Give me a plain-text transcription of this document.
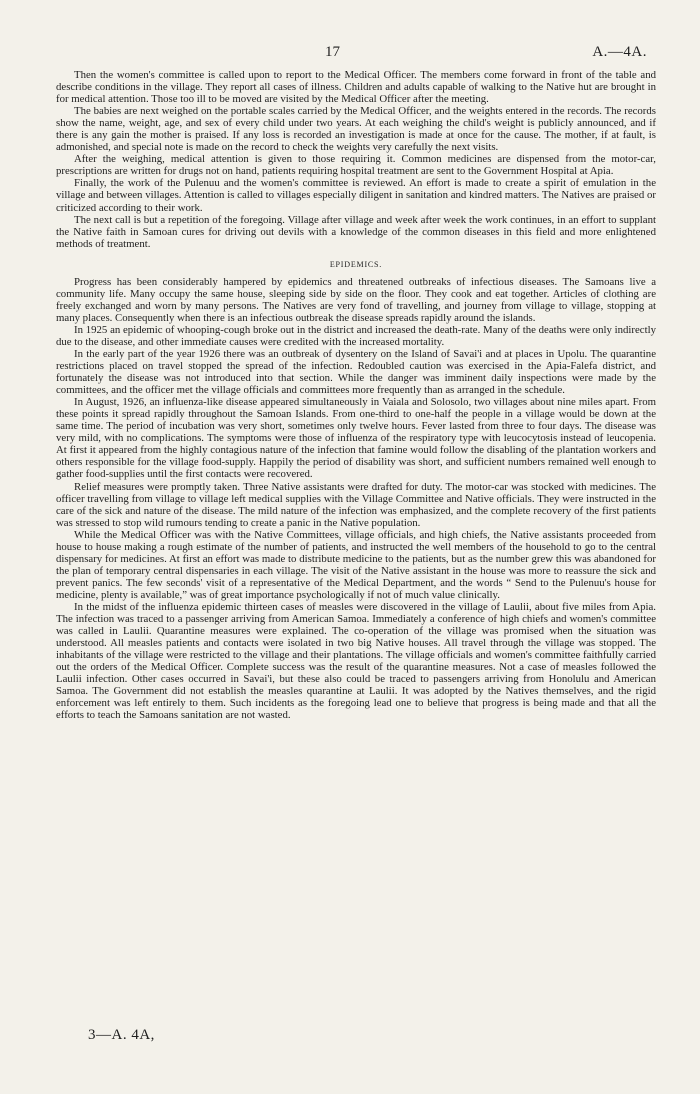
17	A.—4A.

Then the women's committee is called upon to report to the Medical Officer. The members come forward in front of the table and describe conditions in the village. They report all cases of illness. Children and adults capable of walking to the Native hut are brought in for medical attention. Those too ill to be moved are visited by the Medical Officer after the meeting.

The babies are next weighed on the portable scales carried by the Medical Officer, and the weights entered in the records. The records show the name, weight, age, and sex of every child under two years. At each weighing the child's weight is publicly announced, and if there is any gain the mother is praised. If any loss is recorded an investigation is made at once for the cause. The mother, if at fault, is admonished, and special note is made on the record to check the weights very carefully the next visits.

After the weighing, medical attention is given to those requiring it. Common medicines are dispensed from the motor-car, prescriptions are written for drugs not on hand, patients requiring hospital treatment are sent to the Government Hospital at Apia.

Finally, the work of the Pulenuu and the women's committee is reviewed. An effort is made to create a spirit of emulation in the village and between villages. Attention is called to villages especially diligent in sanitation and kindred matters. The Natives are praised or criticized according to their work.

The next call is but a repetition of the foregoing. Village after village and week after week the work continues, in an effort to supplant the Native faith in Samoan cures for driving out devils with a knowledge of the common diseases in this field and more enlightened methods of treatment.

EPIDEMICS.

Progress has been considerably hampered by epidemics and threatened outbreaks of infectious diseases. The Samoans live a community life. Many occupy the same house, sleeping side by side on the floor. They cook and eat together. Articles of clothing are freely exchanged and worn by many persons. The Natives are very fond of travelling, and journey from village to village, stopping at many places. Consequently when there is an infectious outbreak the disease spreads rapidly around the islands.

In 1925 an epidemic of whooping-cough broke out in the district and increased the death-rate. Many of the deaths were only indirectly due to the disease, and other immediate causes were credited with the increased mortality.

In the early part of the year 1926 there was an outbreak of dysentery on the Island of Savai'i and at places in Upolu. The quarantine restrictions placed on travel stopped the spread of the infection. Redoubled caution was exercised in the Apia-Falefa district, and fortunately the disease was not introduced into that section. While the danger was imminent daily inspections were made by the committees, and the officer met the village officials and committees more frequently than as arranged in the schedule.

In August, 1926, an influenza-like disease appeared simultaneously in Vaiala and Solosolo, two villages about nine miles apart. From these points it spread rapidly throughout the Samoan Islands. From one-third to one-half the people in a village would be down at the same time. The period of incubation was very short, sometimes only twelve hours. Fever lasted from three to four days. The disease was very mild, with no complications. The symptoms were those of influenza of the respiratory type with leucocytosis instead of leucopenia. At first it appeared from the highly contagious nature of the infection that famine would follow the disabling of the plantation workers and others responsible for the village food-supply. Happily the period of disability was short, and sufficient numbers remained well enough to gather food-supplies until the first contacts were recovered.

Relief measures were promptly taken. Three Native assistants were drafted for duty. The motor-car was stocked with medicines. The officer travelling from village to village left medical supplies with the Village Committee and Native officials. They were instructed in the care of the sick and nature of the disease. The mild nature of the infection was emphasized, and the complete recovery of the first patients was stressed to stop wild rumours tending to create a panic in the Native population.

While the Medical Officer was with the Native Committees, village officials, and high chiefs, the Native assistants proceeded from house to house making a rough estimate of the number of patients, and instructed the well members of the household to go to the central dispensary for medicines. At first an effort was made to distribute medicine to the patients, but as the number grew this was abandoned for the plan of temporary central dispensaries in each village. The visit of the Native assistant in the house was more to reassure the sick and prevent panics. The few seconds' visit of a representative of the Medical Department, and the words “ Send to the Pulenuu's house for medicine, plenty is available,” was of great importance psychologically if not of much value clinically.

In the midst of the influenza epidemic thirteen cases of measles were discovered in the village of Laulii, about five miles from Apia. The infection was traced to a passenger arriving from American Samoa. Immediately a conference of high chiefs and women's committee was called in Laulii. Quarantine measures were explained. The co-operation of the village was promised when the situation was understood. All measles patients and contacts were isolated in two big Native houses. All travel through the village was stopped. The inhabitants of the village were restricted to the village and their plantations. The village officials and women's committee faithfully carried out the orders of the Medical Officer. Complete success was the result of the quarantine measures. Not a case of measles followed the Laulii infection. Other cases occurred in Savai'i, but these also could be traced to passengers arriving from Honolulu and American Samoa. The Government did not establish the measles quarantine at Laulii. It was adopted by the Natives themselves, and the rigid enforcement was left entirely to them. Such incidents as the foregoing lead one to believe that progress is being made and that all the efforts to teach the Samoans sanitation are not wasted.

3—A. 4A,
